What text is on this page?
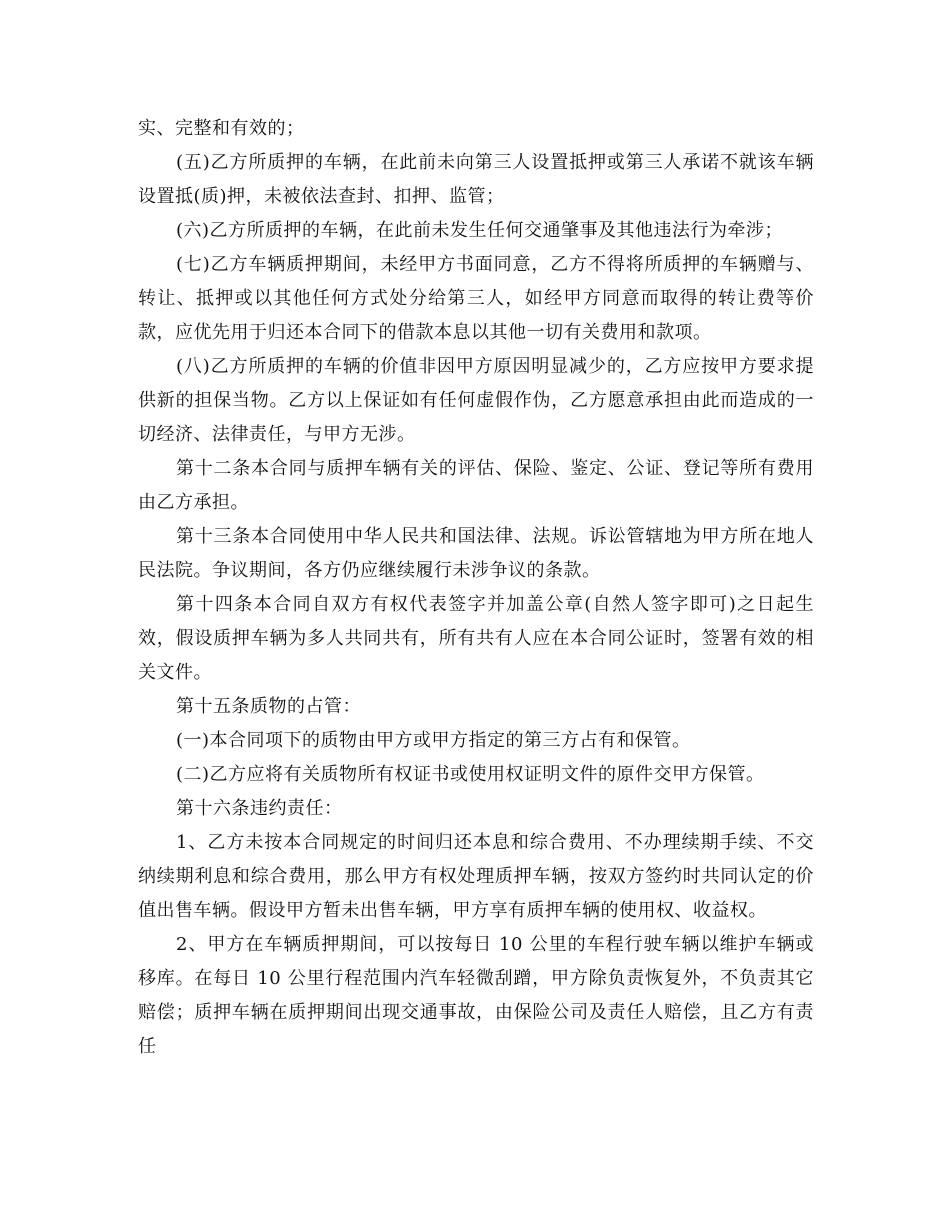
实、完整和有效的；

(五)乙方所质押的车辆，在此前未向第三人设置抵押或第三人承诺不就该车辆设置抵(质)押，未被依法查封、扣押、监管；

(六)乙方所质押的车辆，在此前未发生任何交通肇事及其他违法行为牵涉；

(七)乙方车辆质押期间，未经甲方书面同意，乙方不得将所质押的车辆赠与、转让、抵押或以其他任何方式处分给第三人，如经甲方同意而取得的转让费等价款，应优先用于归还本合同下的借款本息以其他一切有关费用和款项。

(八)乙方所质押的车辆的价值非因甲方原因明显减少的，乙方应按甲方要求提供新的担保当物。乙方以上保证如有任何虚假作伪，乙方愿意承担由此而造成的一切经济、法律责任，与甲方无涉。

第十二条本合同与质押车辆有关的评估、保险、鉴定、公证、登记等所有费用由乙方承担。

第十三条本合同使用中华人民共和国法律、法规。诉讼管辖地为甲方所在地人民法院。争议期间，各方仍应继续履行未涉争议的条款。

第十四条本合同自双方有权代表签字并加盖公章(自然人签字即可)之日起生效，假设质押车辆为多人共同共有，所有共有人应在本合同公证时，签署有效的相关文件。

第十五条质物的占管：

(一)本合同项下的质物由甲方或甲方指定的第三方占有和保管。

(二)乙方应将有关质物所有权证书或使用权证明文件的原件交甲方保管。

第十六条违约责任：

1、乙方未按本合同规定的时间归还本息和综合费用、不办理续期手续、不交纳续期利息和综合费用，那么甲方有权处理质押车辆，按双方签约时共同认定的价值出售车辆。假设甲方暂未出售车辆，甲方享有质押车辆的使用权、收益权。

2、甲方在车辆质押期间，可以按每日 10 公里的车程行驶车辆以维护车辆或移库。在每日 10 公里行程范围内汽车轻微刮蹭，甲方除负责恢复外，不负责其它赔偿；质押车辆在质押期间出现交通事故，由保险公司及责任人赔偿，且乙方有责任
